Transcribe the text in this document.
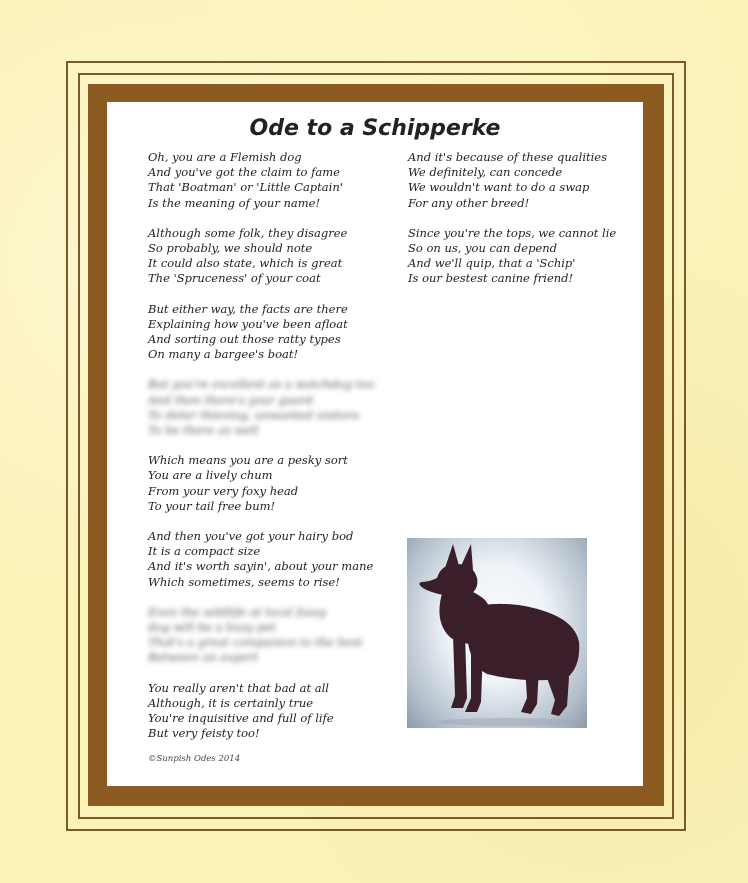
Ode to a Schipperke
Oh, you are a Flemish dog
And you've got the claim to fame
That 'Boatman' or 'Little Captain'
Is the meaning of your name!
Although some folk, they disagree
So probably, we should note
It could also state, which is great
The 'Spruceness' of your coat
But either way, the facts are there
Explaining how you've been afloat
And sorting out those ratty types
On many a bargee's boat!
But you're excellent as a watchdog too
And then there's your guard
To deter thieving, unwanted visitors
To be there as well
Which means you are a pesky sort
You are a lively chum
From your very foxy head
To your tail free bum!
And then you've got your hairy bod
It is a compact size
And it's worth sayin', about your mane
Which sometimes, seems to rise!
Even the wildlife at local fussy
dog will be a busy pet
That's a great companion to the best
Between an expert
You really aren't that bad at all
Although, it is certainly true
You're inquisitive and full of life
But very feisty too!
And it's because of these qualities
We definitely, can concede
We wouldn't want to do a swap
For any other breed!
Since you're the tops, we cannot lie
So on us, you can depend
And we'll quip, that a 'Schip'
Is our bestest canine friend!
©Sunpish Odes 2014
